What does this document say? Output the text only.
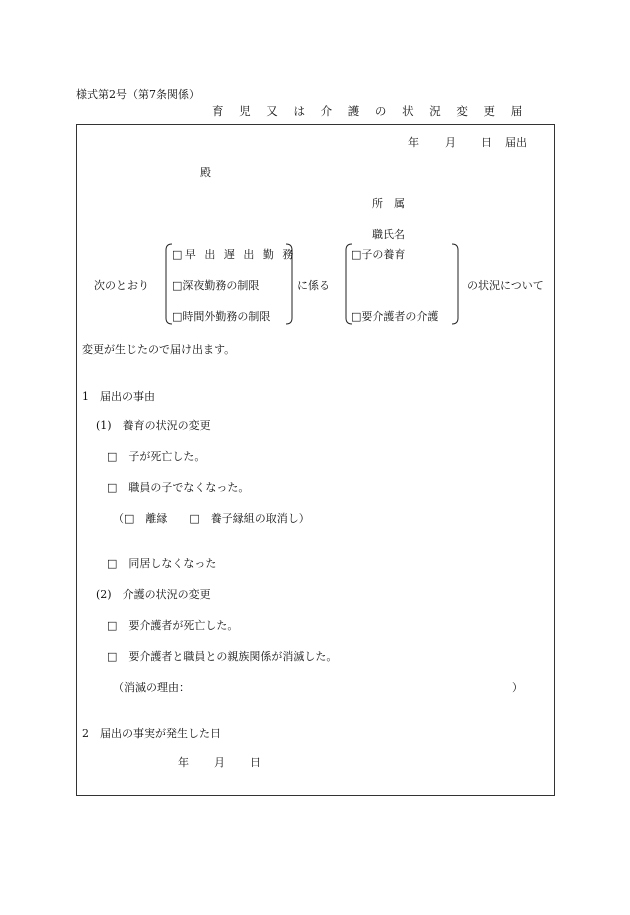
様式第2号（第7条関係）
育 児 又 は 介 護 の 状 況 変 更 届
年 月 日 届出
殿
所　属
職氏名
次のとおり
□早 出 遅 出 勤 務
□深夜勤務の制限
□時間外勤務の制限
に係る
□子の養育
□要介護者の介護
の状況について
変更が生じたので届け出ます。
1　届出の事由
(1)　養育の状況の変更
□　子が死亡した。
□　職員の子でなくなった。
（□　離縁　　□　養子縁組の取消し）
□　同居しなくなった
(2)　介護の状況の変更
□　要介護者が死亡した。
□　要介護者と職員との親族関係が消滅した。
（消滅の理由：	）
2　届出の事実が発生した日
年 月 日
